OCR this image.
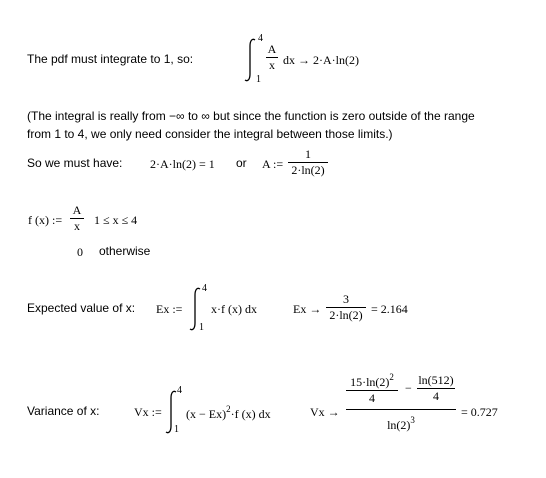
The pdf must integrate to 1, so:
4
1
A
x dx → 2·A·ln(2)
(The integral is really from −∞ to ∞ but since the function is zero outside of the range
from 1 to 4, we only need consider the integral between those limits.)
So we must have: 2·A·ln(2) = 1 or A :=
1
2·ln(2)
f (x) :=
A
x	1 ≤ x ≤ 4
0 otherwise
Expected value of x: Ex :=
4
1
x·f (x) dx	Ex →
3
2·ln(2) = 2.164
Variance of x:	Vx :=
4
1
$(x - Ex)^2\cdot f$ (x) dx	Vx →
$15\cdot\ln(2)^2$
4
−
ln(512)
4
$\ln(2)^3$
= 0.727
